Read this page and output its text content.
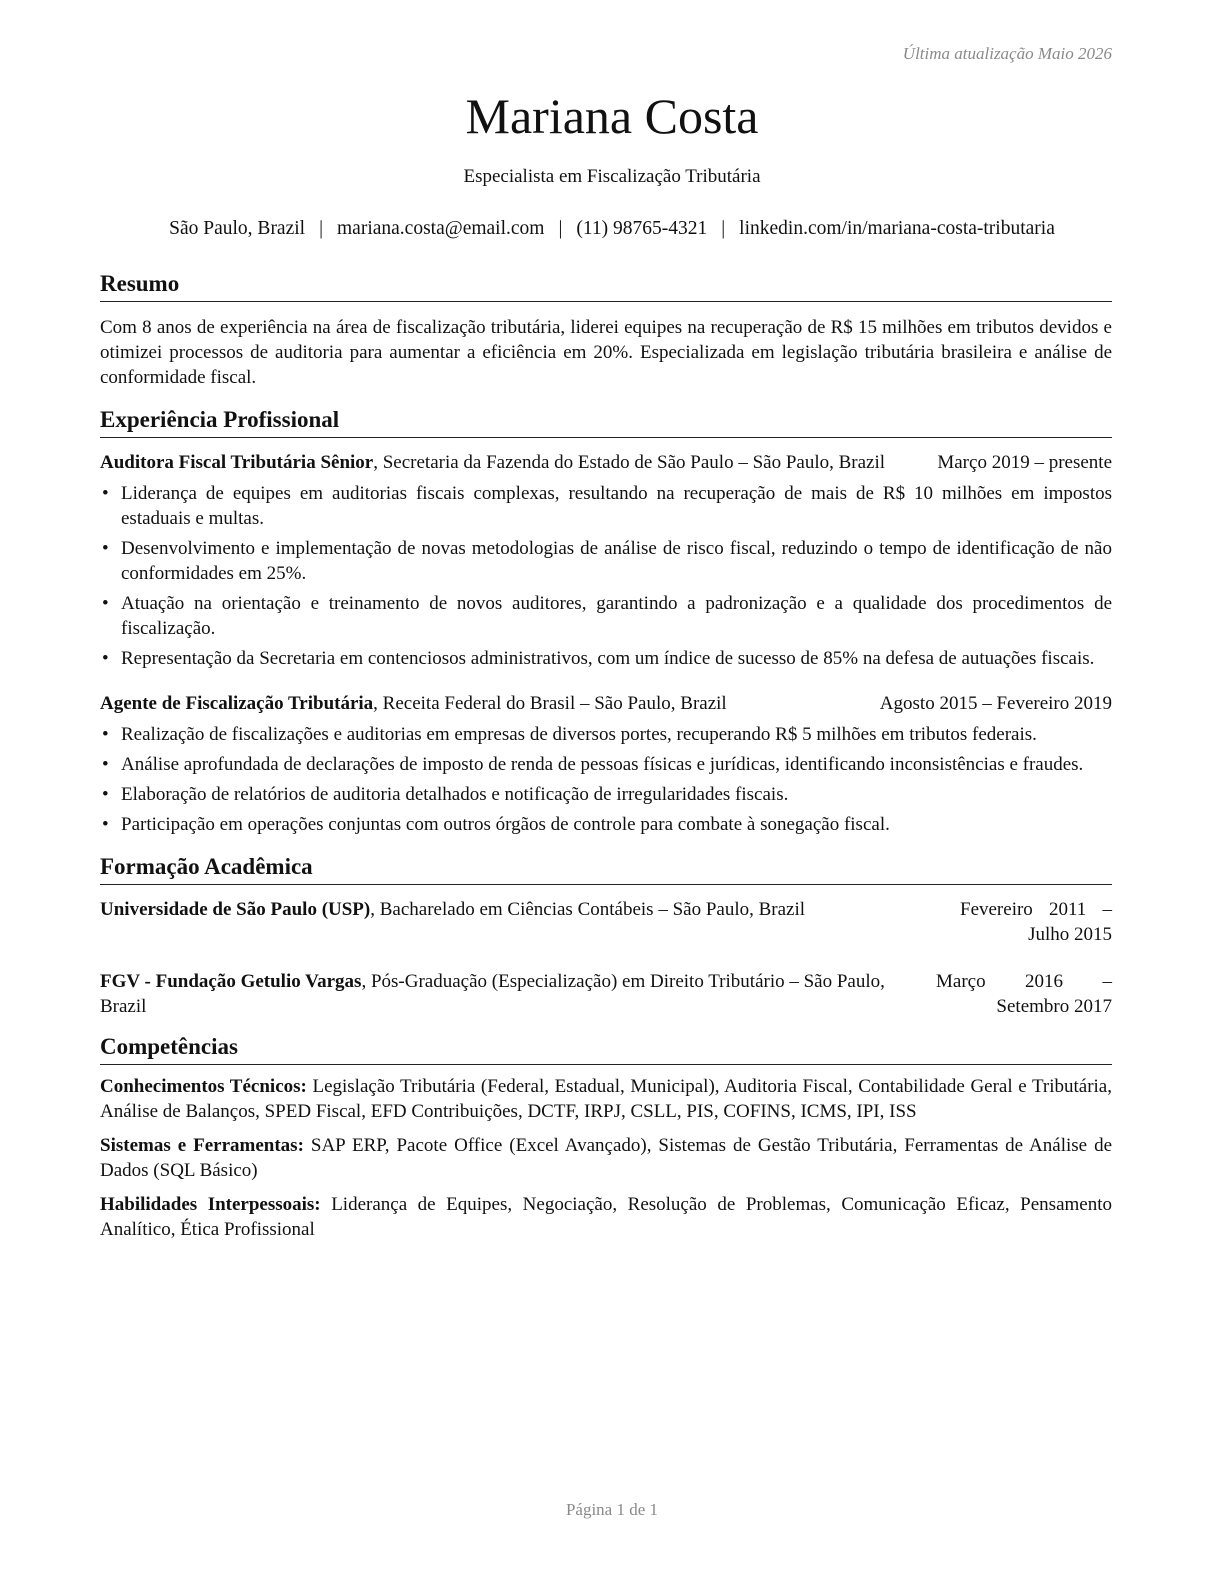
Última atualização Maio 2026
Mariana Costa
Especialista em Fiscalização Tributária
São Paulo, Brazil | mariana.costa@email.com | (11) 98765-4321 | linkedin.com/in/mariana-costa-tributaria
Resumo

Com 8 anos de experiência na área de fiscalização tributária, liderei equipes na recuperação de R$ 15 milhões em tributos devidos e otimizei processos de auditoria para aumentar a eficiência em 20%. Especializada em legislação tributária brasileira e análise de conformidade fiscal.

Experiência Profissional
Auditora Fiscal Tributária Sênior, Secretaria da Fazenda do Estado de São Paulo – São Paulo, Brazil	Março 2019 – presente
• Liderança de equipes em auditorias fiscais complexas, resultando na recuperação de mais de R$ 10 milhões em impostos estaduais e multas.
• Desenvolvimento e implementação de novas metodologias de análise de risco fiscal, reduzindo o tempo de identificação de não conformidades em 25%.
• Atuação na orientação e treinamento de novos auditores, garantindo a padronização e a qualidade dos procedimentos de fiscalização.
• Representação da Secretaria em contenciosos administrativos, com um índice de sucesso de 85% na defesa de autuações fiscais.
Agente de Fiscalização Tributária, Receita Federal do Brasil – São Paulo, Brazil	Agosto 2015 – Fevereiro 2019
• Realização de fiscalizações e auditorias em empresas de diversos portes, recuperando R$ 5 milhões em tributos federais.
• Análise aprofundada de declarações de imposto de renda de pessoas físicas e jurídicas, identificando inconsistências e fraudes.
• Elaboração de relatórios de auditoria detalhados e notificação de irregularidades fiscais.
• Participação em operações conjuntas com outros órgãos de controle para combate à sonegação fiscal.
Formação Acadêmica
Universidade de São Paulo (USP), Bacharelado em Ciências Contábeis – São Paulo, Brazil	Fevereiro 2011 – Julho 2015
FGV - Fundação Getulio Vargas, Pós-Graduação (Especialização) em Direito Tributário – São Paulo, Brazil
Março 2016 – Setembro 2017
Competências
Conhecimentos Técnicos: Legislação Tributária (Federal, Estadual, Municipal), Auditoria Fiscal, Contabilidade Geral e Tributária, Análise de Balanços, SPED Fiscal, EFD Contribuições, DCTF, IRPJ, CSLL, PIS, COFINS, ICMS, IPI, ISS
Sistemas e Ferramentas: SAP ERP, Pacote Office (Excel Avançado), Sistemas de Gestão Tributária, Ferramentas de Análise de Dados (SQL Básico)
Habilidades Interpessoais: Liderança de Equipes, Negociação, Resolução de Problemas, Comunicação Eficaz, Pensamento Analítico, Ética Profissional
Página 1 de 1
